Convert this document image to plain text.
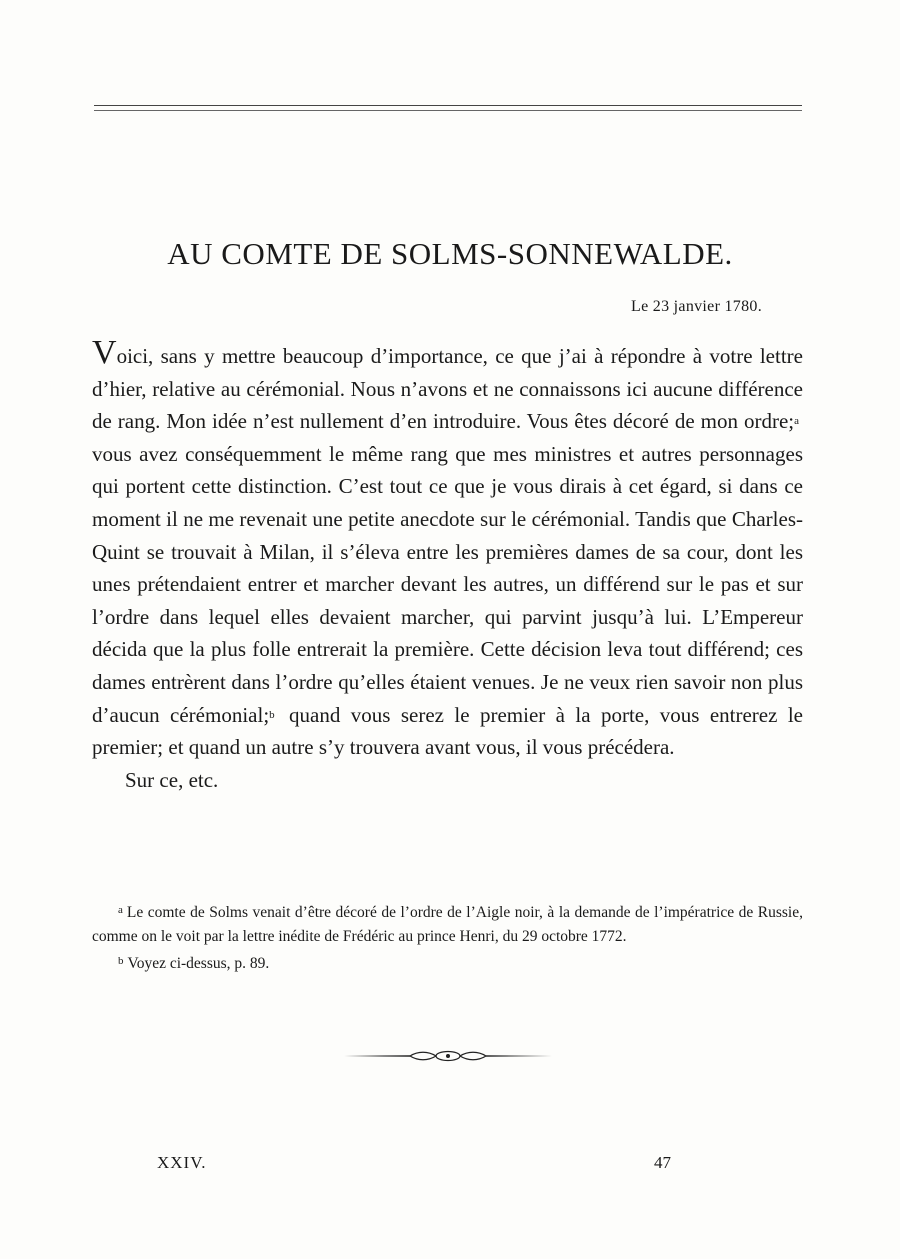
AU COMTE DE SOLMS-SONNEWALDE.
Le 23 janvier 1780.

Voici, sans y mettre beaucoup d’importance, ce que j’ai à répondre à votre lettre d’hier, relative au cérémonial. Nous n’avons et ne connaissons ici aucune différence de rang. Mon idée n’est nullement d’en introduire. Vous êtes décoré de mon ordre;$^a$ vous avez conséquemment le même rang que mes ministres et autres personnages qui portent cette distinction. C’est tout ce que je vous dirais à cet égard, si dans ce moment il ne me revenait une petite anecdote sur le cérémonial. Tandis que Charles-Quint se trouvait à Milan, il s’éleva entre les premières dames de sa cour, dont les unes prétendaient entrer et marcher devant les autres, un différend sur le pas et sur l’ordre dans lequel elles devaient marcher, qui parvint jusqu’à lui. L’Empereur décida que la plus folle entrerait la première. Cette décision leva tout différend; ces dames entrèrent dans l’ordre qu’elles étaient venues. Je ne veux rien savoir non plus d’aucun cérémonial;$^b$ quand vous serez le premier à la porte, vous entrerez le premier; et quand un autre s’y trouvera avant vous, il vous précédera.

Sur ce, etc.

$^a$ Le comte de Solms venait d’être décoré de l’ordre de l’Aigle noir, à la demande de l’impératrice de Russie, comme on le voit par la lettre inédite de Frédéric au prince Henri, du 29 octobre 1772.

$^b$ Voyez ci-dessus, p. 89.

XXIV.	47
